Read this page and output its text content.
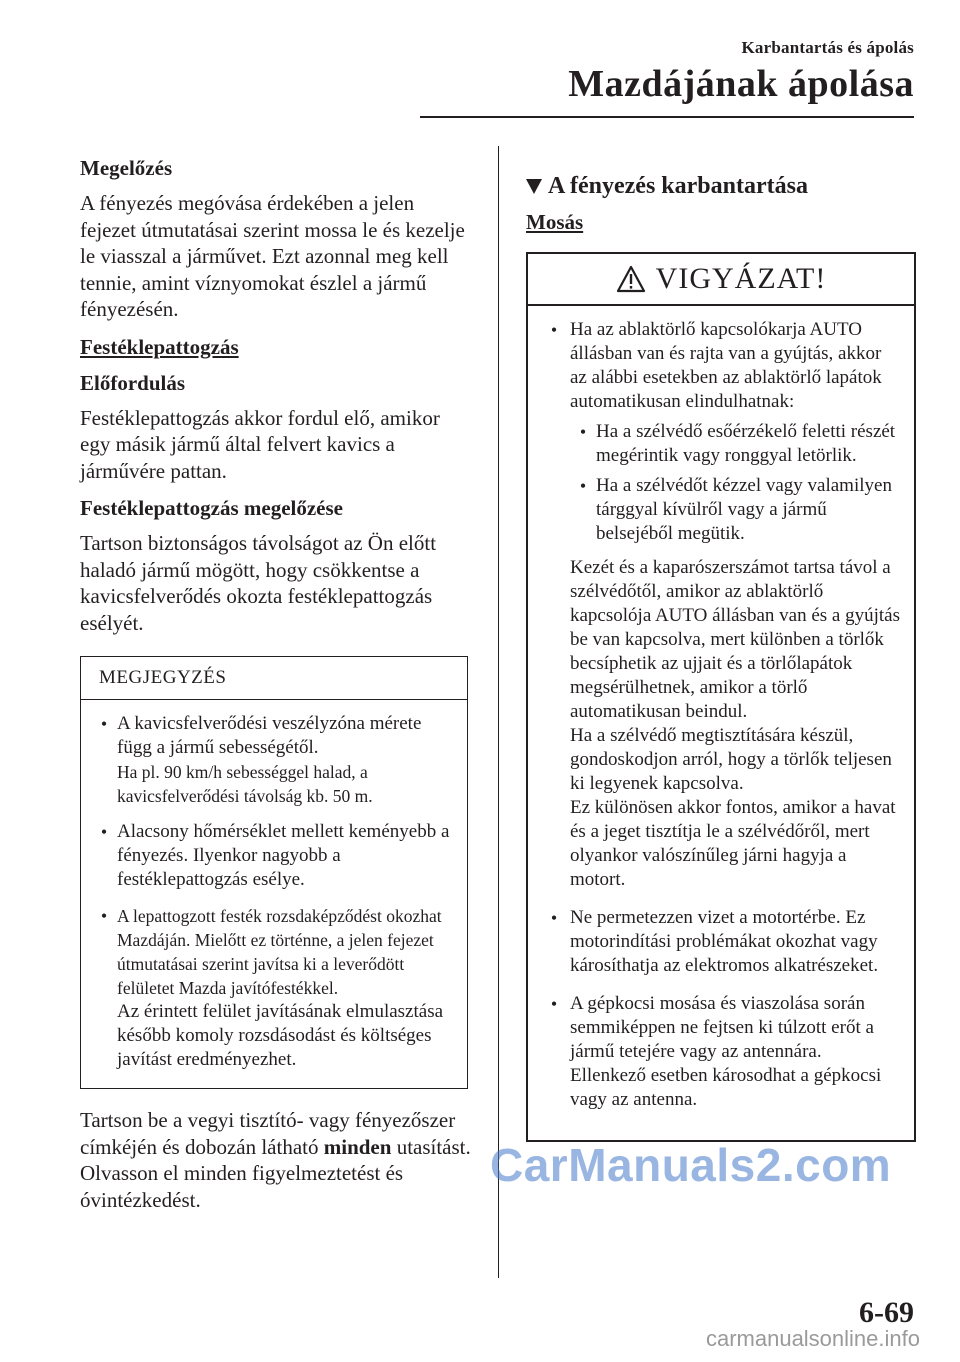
Karbantartás és ápolás
Mazdájának ápolása
Megelőzés

A fényezés megóvása érdekében a jelen fejezet útmutatásai szerint mossa le és kezelje le viasszal a járművet. Ezt azonnal meg kell tennie, amint víznyomokat észlel a jármű fényezésén.

Festéklepattogzás
Előfordulás

Festéklepattogzás akkor fordul elő, amikor egy másik jármű által felvert kavics a járművére pattan.

Festéklepattogzás megelőzése

Tartson biztonságos távolságot az Ön előtt haladó jármű mögött, hogy csökkentse a kavicsfelverődés okozta festéklepattogzás esélyét.

MEGJEGYZÉS
• A kavicsfelverődési veszélyzóna mérete függ a jármű sebességétől.
Ha pl. 90 km/h sebességgel halad, a kavicsfelverődési távolság kb. 50 m.
• Alacsony hőmérséklet mellett keményebb a fényezés. Ilyenkor nagyobb a festéklepattogzás esélye.
• A lepattogzott festék rozsdaképződést okozhat Mazdáján. Mielőtt ez történne, a jelen fejezet útmutatásai szerint javítsa ki a leverődött felületet Mazda javítófestékkel.
Az érintett felület javításának elmulasztása később komoly rozsdásodást és költséges javítást eredményezhet.

Tartson be a vegyi tisztító- vagy fényezőszer címkéjén és dobozán látható minden utasítást. Olvasson el minden figyelmeztetést és óvintézkedést.

A fényezés karbantartása
Mosás
VIGYÁZAT!
• Ha az ablaktörlő kapcsolókarja AUTO állásban van és rajta van a gyújtás, akkor az alábbi esetekben az ablaktörlő lapátok automatikusan elindulhatnak:
• Ha a szélvédő esőérzékelő feletti részét megérintik vagy ronggyal letörlik.
• Ha a szélvédőt kézzel vagy valamilyen tárggyal kívülről vagy a jármű belsejéből megütik.
Kezét és a kaparószerszámot tartsa távol a szélvédőtől, amikor az ablaktörlő kapcsolója AUTO állásban van és a gyújtás be van kapcsolva, mert különben a törlők becsíphetik az ujjait és a törlőlapátok megsérülhetnek, amikor a törlő automatikusan beindul.
Ha a szélvédő megtisztítására készül, gondoskodjon arról, hogy a törlők teljesen ki legyenek kapcsolva.
Ez különösen akkor fontos, amikor a havat és a jeget tisztítja le a szélvédőről, mert olyankor valószínűleg járni hagyja a motort.
• Ne permetezzen vizet a motortérbe. Ez motorindítási problémákat okozhat vagy károsíthatja az elektromos alkatrészeket.
• A gépkocsi mosása és viaszolása során semmiképpen ne fejtsen ki túlzott erőt a jármű tetejére vagy az antennára. Ellenkező esetben károsodhat a gépkocsi vagy az antenna.
CarManuals2.com
6-69
carmanualsonline.info
